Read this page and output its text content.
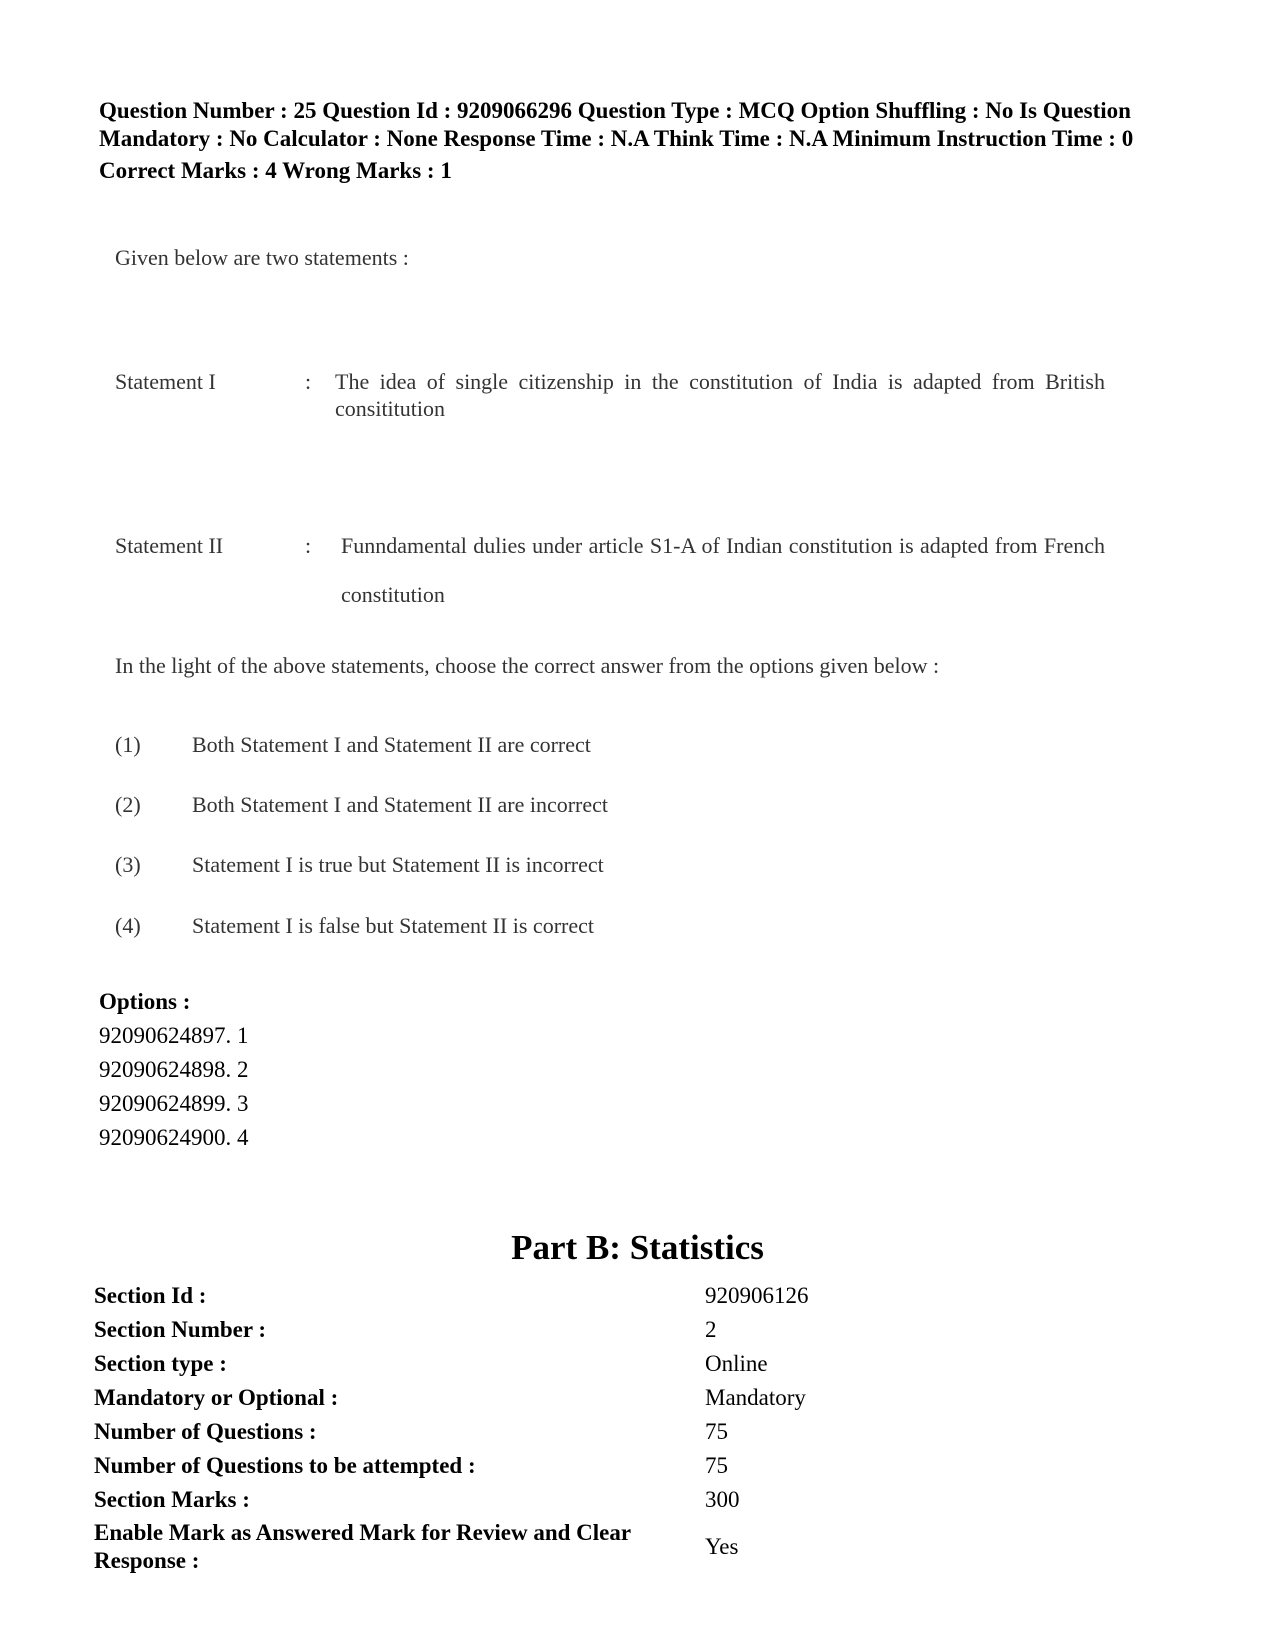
Question Number : 25 Question Id : 9209066296 Question Type : MCQ Option Shuffling : No Is Question Mandatory : No Calculator : None Response Time : N.A Think Time : N.A Minimum Instruction Time : 0
Correct Marks : 4 Wrong Marks : 1
Given below are two statements :
Statement I	:	The idea of single citizenship in the constitution of India is adapted from British consititution
Statement II	:	Funndamental dulies under article S1-A of Indian constitution is adapted from French constitution
In the light of the above statements, choose the correct answer from the options given below :
(1)	Both Statement I and Statement II are correct
(2)	Both Statement I and Statement II are incorrect
(3)	Statement I is true but Statement II is incorrect
(4)	Statement I is false but Statement II is correct
Options :
92090624897. 1
92090624898. 2
92090624899. 3
92090624900. 4
Part B: Statistics
Section Id :	920906126
Section Number :	2
Section type :	Online
Mandatory or Optional :	Mandatory
Number of Questions :	75
Number of Questions to be attempted :	75
Section Marks :	300
Enable Mark as Answered Mark for Review and Clear Response :
Yes
